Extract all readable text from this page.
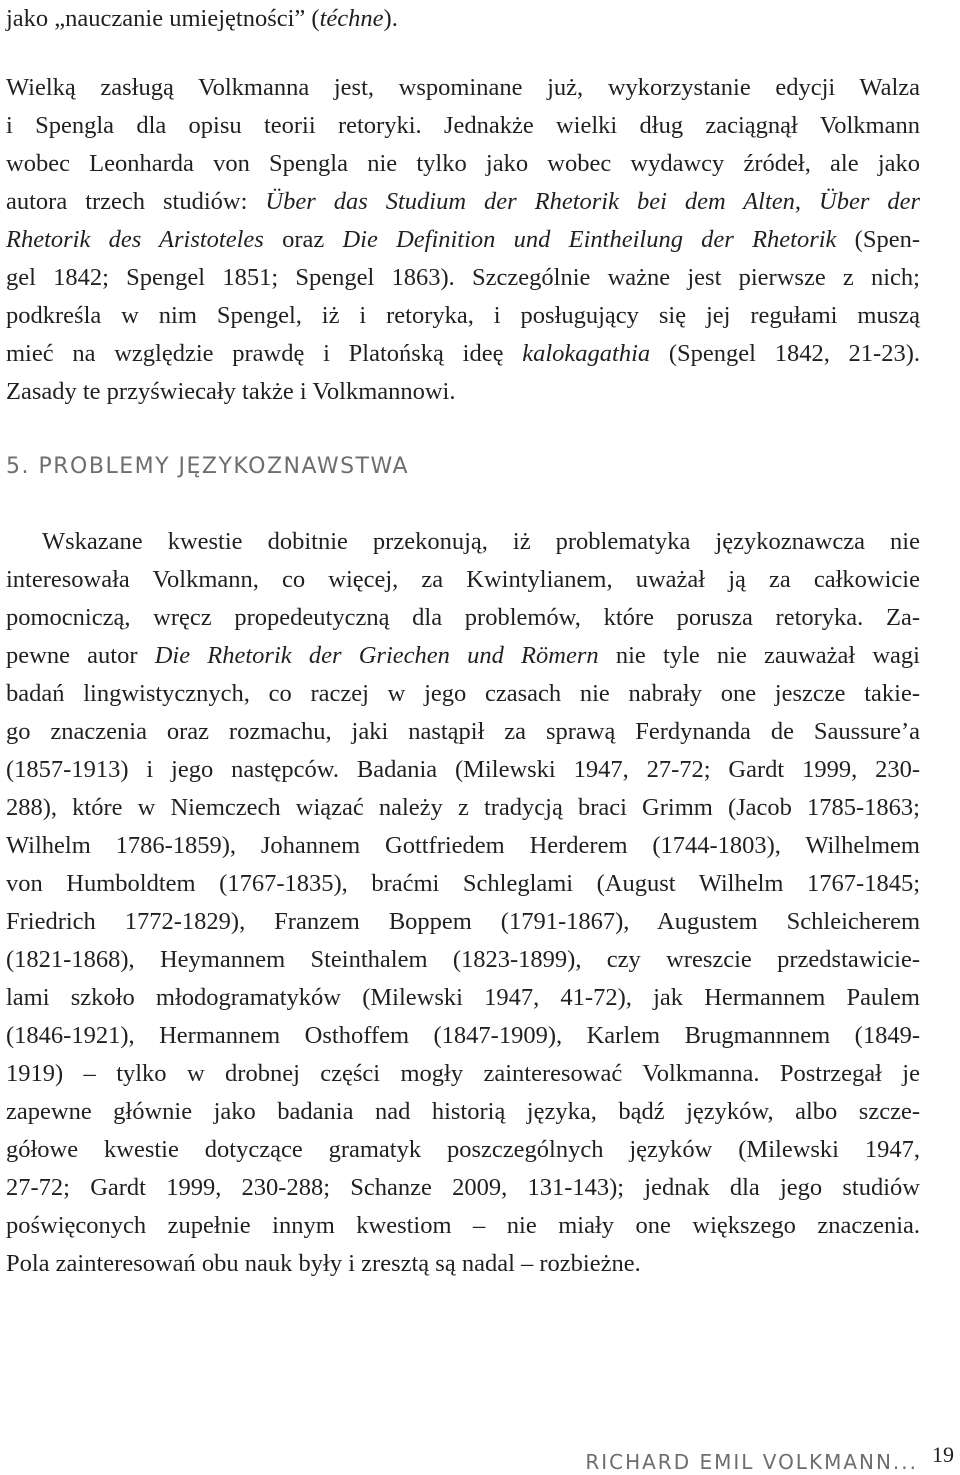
jako „nauczanie umiejętności” (téchne).
Wielką zasługą Volkmanna jest, wspominane już, wykorzystanie edycji Walza
i Spengla dla opisu teorii retoryki. Jednakże wielki dług zaciągnął Volkmann
wobec Leonharda von Spengla nie tylko jako wobec wydawcy źródeł, ale jako
autora trzech studiów: Über das Studium der Rhetorik bei dem Alten, Über der
Rhetorik des Aristoteles oraz Die Definition und Eintheilung der Rhetorik (Spen-
gel 1842; Spengel 1851; Spengel 1863). Szczególnie ważne jest pierwsze z nich;
podkreśla w nim Spengel, iż i retoryka, i posługujący się jej regułami muszą
mieć na względzie prawdę i Platońską ideę kalokagathia (Spengel 1842, 21-23).
Zasady te przyświecały także i Volkmannowi.
5. PROBLEMY JĘZYKOZNAWSTWA
Wskazane kwestie dobitnie przekonują, iż problematyka językoznawcza nie
interesowała Volkmann, co więcej, za Kwintylianem, uważał ją za całkowicie
pomocniczą, wręcz propedeutyczną dla problemów, które porusza retoryka. Za-
pewne autor Die Rhetorik der Griechen und Römern nie tyle nie zauważał wagi
badań lingwistycznych, co raczej w jego czasach nie nabrały one jeszcze takie-
go znaczenia oraz rozmachu, jaki nastąpił za sprawą Ferdynanda de Saussure’a
(1857-1913) i jego następców. Badania (Milewski 1947, 27-72; Gardt 1999, 230-
288), które w Niemczech wiązać należy z tradycją braci Grimm (Jacob 1785-1863;
Wilhelm 1786-1859), Johannem Gottfriedem Herderem (1744-1803), Wilhelmem
von Humboldtem (1767-1835), braćmi Schleglami (August Wilhelm 1767-1845;
Friedrich 1772-1829), Franzem Boppem (1791-1867), Augustem Schleicherem
(1821-1868), Heymannem Steinthalem (1823-1899), czy wreszcie przedstawicie-
lami szkoło młodogramatyków (Milewski 1947, 41-72), jak Hermannem Paulem
(1846-1921), Hermannem Osthoffem (1847-1909), Karlem Brugmannnem (1849-
1919) – tylko w drobnej części mogły zainteresować Volkmanna. Postrzegał je
zapewne głównie jako badania nad historią języka, bądź języków, albo szcze-
gółowe kwestie dotyczące gramatyk poszczególnych języków (Milewski 1947,
27-72; Gardt 1999, 230-288; Schanze 2009, 131-143); jednak dla jego studiów
poświęconych zupełnie innym kwestiom – nie miały one większego znaczenia.
Pola zainteresowań obu nauk były i zresztą są nadal – rozbieżne.
RICHARD EMIL VOLKMANN... 19
